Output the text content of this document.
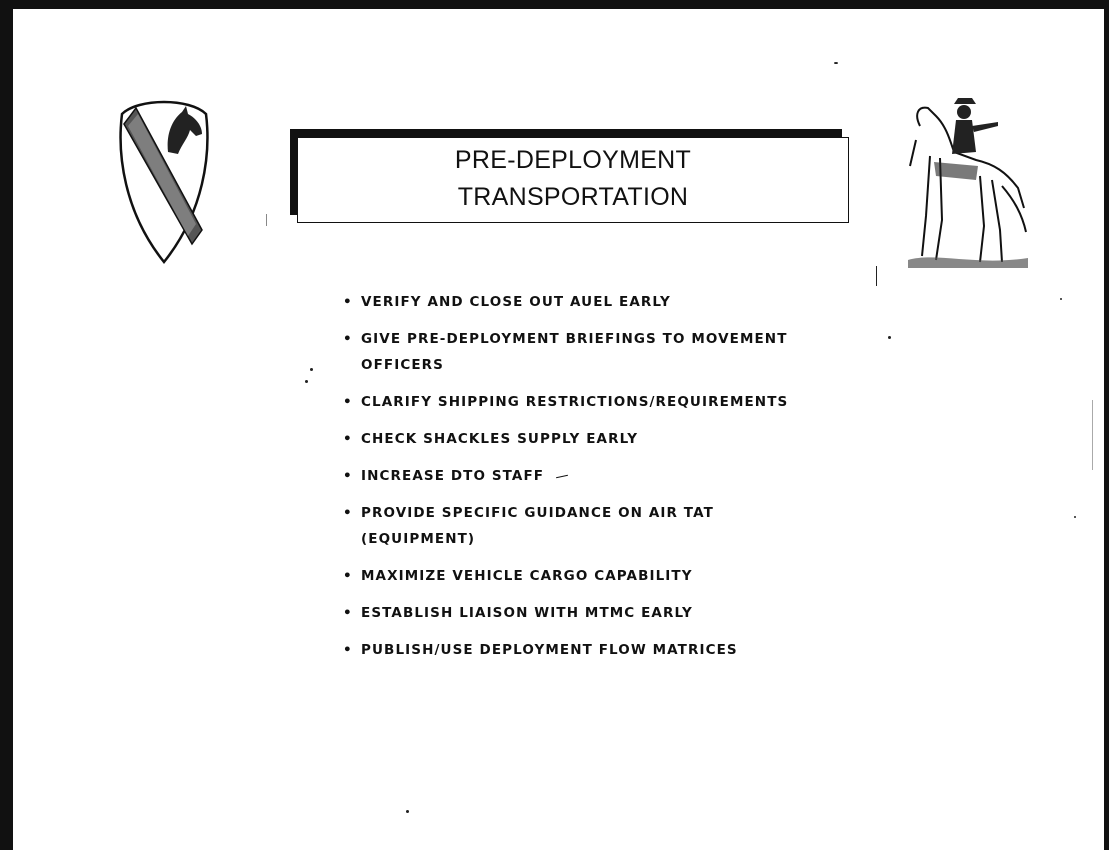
PRE-DEPLOYMENT
TRANSPORTATION
• VERIFY AND CLOSE OUT AUEL EARLY
• GIVE PRE-DEPLOYMENT BRIEFINGS TO MOVEMENT
OFFICERS
• CLARIFY SHIPPING RESTRICTIONS/REQUIREMENTS
• CHECK SHACKLES SUPPLY EARLY
• INCREASE DTO STAFF
• PROVIDE SPECIFIC GUIDANCE ON AIR TAT
(EQUIPMENT)
• MAXIMIZE VEHICLE CARGO CAPABILITY
• ESTABLISH LIAISON WITH MTMC EARLY
• PUBLISH/USE DEPLOYMENT FLOW MATRICES
